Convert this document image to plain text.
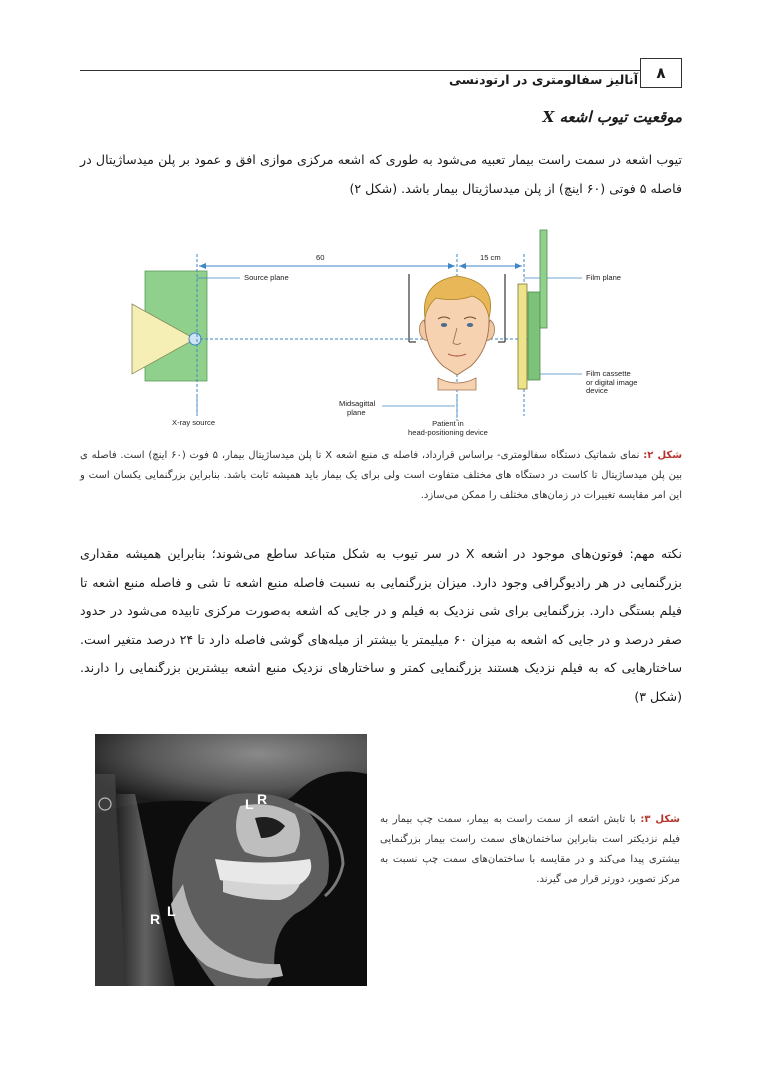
۸
آنالیز سفالومتری در ارتودنسی
موقعیت تیوب اشعه X

تیوب اشعه در سمت راست بیمار تعبیه می‌شود به طوری که اشعه مرکزی موازی افق و عمود بر پلن میدساژیتال در فاصله ۵ فوتی (۶۰ اینچ) از پلن میدساژیتال بیمار باشد. (شکل ۲)

60	15 cm
Source plane	Film plane
X-ray source
Midsagittal
plane
Patient in
head-positioning device
Film cassette
or digital image
device

شکل ۲: نمای شماتیک دستگاه سفالومتری- براساس قرارداد، فاصله ی منبع اشعه X تا پلن میدساژیتال بیمار، ۵ فوت (۶۰ اینچ) است. فاصله ی بین پلن میدساژیتال تا کاست در دستگاه های مختلف متفاوت است ولی برای یک بیمار باید همیشه ثابت باشد. بنابراین بزرگنمایی یکسان است و این امر مقایسه تغییرات در زمان‌های مختلف را ممکن می‌سازد.

نکته مهم: فوتون‌های موجود در اشعه X در سر تیوب به شکل متباعد ساطع می‌شوند؛ بنابراین همیشه مقداری بزرگنمایی در هر رادیوگرافی وجود دارد. میزان بزرگنمایی به نسبت فاصله منبع اشعه تا شی و فاصله منبع اشعه تا فیلم بستگی دارد. بزرگنمایی برای شی نزدیک به فیلم و در جایی که اشعه به‌صورت مرکزی تابیده می‌شود در حدود صفر درصد و در جایی که اشعه به میزان ۶۰ میلیمتر یا بیشتر از میله‌های گوشی فاصله دارد تا ۲۴ درصد متغیر است. ساختارهایی که به فیلم نزدیک هستند بزرگنمایی کمتر و ساختارهای نزدیک منبع اشعه بیشترین بزرگنمایی را دارند. (شکل ۳)

L R
R L

شکل ۳: با تابش اشعه از سمت راست به بیمار، سمت چپ بیمار به فیلم نزدیکتر است بنابراین ساختمان‌های سمت راست بیمار بزرگنمایی بیشتری پیدا می‌کند و در مقایسه با ساختمان‌های سمت چپ نسبت به مرکز تصویر، دورتر قرار می گیرند.
